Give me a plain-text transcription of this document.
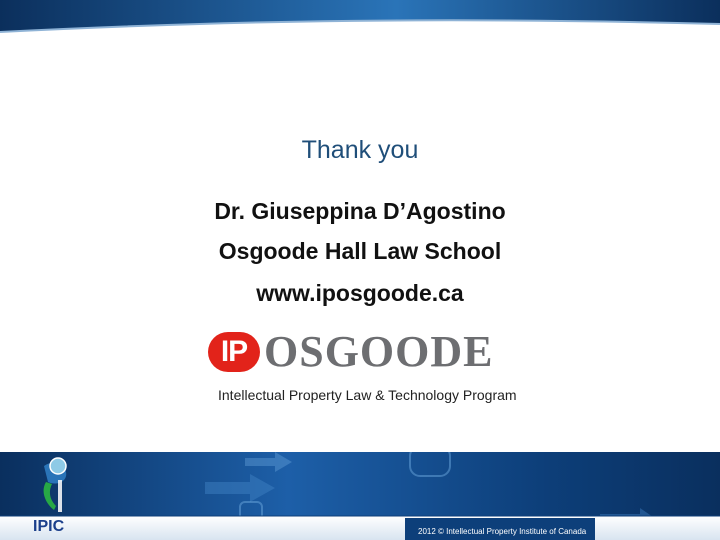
Thank you
Dr. Giuseppina D’Agostino
Osgoode Hall Law School
www.iposgoode.ca
IP OSGOODE
Intellectual Property Law & Technology Program
IPIC	2012 © Intellectual Property Institute of Canada
